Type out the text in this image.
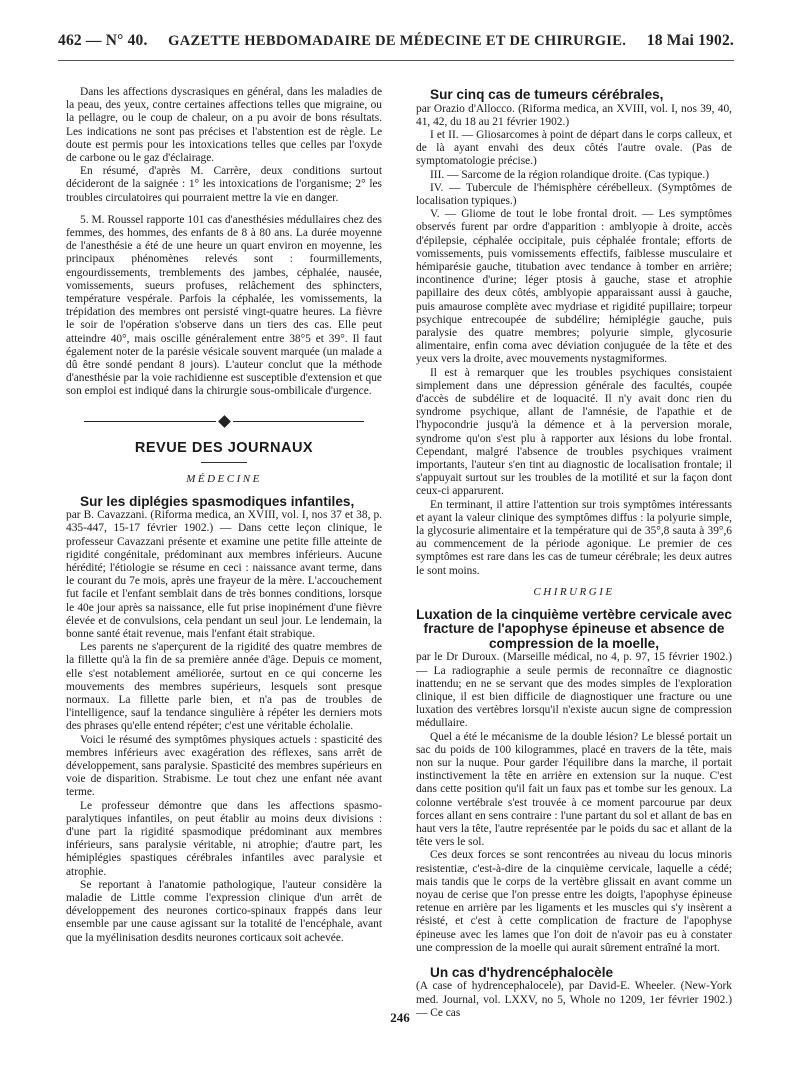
462 — N° 40. GAZETTE HEBDOMADAIRE DE MÉDECINE ET DE CHIRURGIE. 18 Mai 1902.

Dans les affections dyscrasiques en général, dans les maladies de la peau, des yeux, contre certaines affections telles que migraine, ou la pellagre, ou le coup de chaleur, on a pu avoir de bons résultats. Les indications ne sont pas précises et l'abstention est de règle. Le doute est permis pour les intoxications telles que celles par l'oxyde de carbone ou le gaz d'éclairage.

En résumé, d'après M. Carrère, deux conditions surtout décideront de la saignée : 1° les intoxications de l'organisme; 2° les troubles circulatoires qui pourraient mettre la vie en danger.

5. M. Roussel rapporte 101 cas d'anesthésies médullaires chez des femmes, des hommes, des enfants de 8 à 80 ans. La durée moyenne de l'anesthésie a été de une heure un quart environ en moyenne, les principaux phénomènes relevés sont : fourmillements, engourdissements, tremblements des jambes, céphalée, nausée, vomissements, sueurs profuses, relâchement des sphincters, température vespérale. Parfois la céphalée, les vomissements, la trépidation des membres ont persisté vingt-quatre heures. La fièvre le soir de l'opération s'observe dans un tiers des cas. Elle peut atteindre 40°, mais oscille généralement entre 38°5 et 39°. Il faut également noter de la parésie vésicale souvent marquée (un malade a dû être sondé pendant 8 jours). L'auteur conclut que la méthode d'anesthésie par la voie rachidienne est susceptible d'extension et que son emploi est indiqué dans la chirurgie sous-ombilicale d'urgence.

REVUE DES JOURNAUX
MÉDECINE
Sur les diplégies spasmodiques infantiles,

par B. Cavazzani. (Riforma medica, an XVIII, vol. I, nos 37 et 38, p. 435-447, 15-17 février 1902.) — Dans cette leçon clinique, le professeur Cavazzani présente et examine une petite fille atteinte de rigidité congénitale, prédominant aux membres inférieurs. Aucune hérédité; l'étiologie se résume en ceci : naissance avant terme, dans le courant du 7e mois, après une frayeur de la mère. L'accouchement fut facile et l'enfant semblait dans de très bonnes conditions, lorsque le 40e jour après sa naissance, elle fut prise inopinément d'une fièvre élevée et de convulsions, cela pendant un seul jour. Le lendemain, la bonne santé était revenue, mais l'enfant était strabique.

Les parents ne s'aperçurent de la rigidité des quatre membres de la fillette qu'à la fin de sa première année d'âge. Depuis ce moment, elle s'est notablement améliorée, surtout en ce qui concerne les mouvements des membres supérieurs, lesquels sont presque normaux. La fillette parle bien, et n'a pas de troubles de l'intelligence, sauf la tendance singulière à répéter les derniers mots des phrases qu'elle entend répéter; c'est une véritable écholalie.

Voici le résumé des symptômes physiques actuels : spasticité des membres inférieurs avec exagération des réflexes, sans arrêt de développement, sans paralysie. Spasticité des membres supérieurs en voie de disparition. Strabisme. Le tout chez une enfant née avant terme.

Le professeur démontre que dans les affections spasmo-paralytiques infantiles, on peut établir au moins deux divisions : d'une part la rigidité spasmodique prédominant aux membres inférieurs, sans paralysie véritable, ni atrophie; d'autre part, les hémiplégies spastiques cérébrales infantiles avec paralysie et atrophie.

Se reportant à l'anatomie pathologique, l'auteur considère la maladie de Little comme l'expression clinique d'un arrêt de développement des neurones cortico-spinaux frappés dans leur ensemble par une cause agissant sur la totalité de l'encéphale, avant que la myélinisation desdits neurones corticaux soit achevée.

Sur cinq cas de tumeurs cérébrales,

par Orazio d'Allocco. (Riforma medica, an XVIII, vol. I, nos 39, 40, 41, 42, du 18 au 21 février 1902.)

I et II. — Gliosarcomes à point de départ dans le corps calleux, et de là ayant envahi des deux côtés l'autre ovale. (Pas de symptomatologie précise.)

III. — Sarcome de la région rolandique droite. (Cas typique.)

IV. — Tubercule de l'hémisphère cérébelleux. (Symptômes de localisation typiques.)

V. — Gliome de tout le lobe frontal droit. — Les symptômes observés furent par ordre d'apparition : amblyopie à droite, accès d'épilepsie, céphalée occipitale, puis céphalée frontale; efforts de vomissements, puis vomissements effectifs, faiblesse musculaire et hémiparésie gauche, titubation avec tendance à tomber en arrière; incontinence d'urine; léger ptosis à gauche, stase et atrophie papillaire des deux côtés, amblyopie apparaissant aussi à gauche, puis amaurose complète avec mydriase et rigidité pupillaire; torpeur psychique entrecoupée de subdélire; hémiplégie gauche, puis paralysie des quatre membres; polyurie simple, glycosurie alimentaire, enfin coma avec déviation conjuguée de la tête et des yeux vers la droite, avec mouvements nystagmiformes.

Il est à remarquer que les troubles psychiques consistaient simplement dans une dépression générale des facultés, coupée d'accès de subdélire et de loquacité. Il n'y avait donc rien du syndrome psychique, allant de l'amnésie, de l'apathie et de l'hypocondrie jusqu'à la démence et à la perversion morale, syndrome qu'on s'est plu à rapporter aux lésions du lobe frontal. Cependant, malgré l'absence de troubles psychiques vraiment importants, l'auteur s'en tint au diagnostic de localisation frontale; il s'appuyait surtout sur les troubles de la motilité et sur la façon dont ceux-ci apparurent.

En terminant, il attire l'attention sur trois symptômes intéressants et ayant la valeur clinique des symptômes diffus : la polyurie simple, la glycosurie alimentaire et la température qui de 35°,8 sauta à 39°,6 au commencement de la période agonique. Le premier de ces symptômes est rare dans les cas de tumeur cérébrale; les deux autres le sont moins.

CHIRURGIE
Luxation de la cinquième vertèbre cervicale avec fracture de l'apophyse épineuse et absence de compression de la moelle,

par le Dr Duroux. (Marseille médical, no 4, p. 97, 15 février 1902.) — La radiographie a seule permis de reconnaître ce diagnostic inattendu; en ne se servant que des modes simples de l'exploration clinique, il est bien difficile de diagnostiquer une fracture ou une luxation des vertèbres lorsqu'il n'existe aucun signe de compression médullaire.

Quel a été le mécanisme de la double lésion? Le blessé portait un sac du poids de 100 kilogrammes, placé en travers de la tête, mais non sur la nuque. Pour garder l'équilibre dans la marche, il portait instinctivement la tête en arrière en extension sur la nuque. C'est dans cette position qu'il fait un faux pas et tombe sur les genoux. La colonne vertébrale s'est trouvée à ce moment parcourue par deux forces allant en sens contraire : l'une partant du sol et allant de bas en haut vers la tête, l'autre représentée par le poids du sac et allant de la tête vers le sol.

Ces deux forces se sont rencontrées au niveau du locus minoris resistentiæ, c'est-à-dire de la cinquième cervicale, laquelle a cédé; mais tandis que le corps de la vertèbre glissait en avant comme un noyau de cerise que l'on presse entre les doigts, l'apophyse épineuse retenue en arrière par les ligaments et les muscles qui s'y insèrent a résisté, et c'est à cette complication de fracture de l'apophyse épineuse avec les lames que l'on doit de n'avoir pas eu à constater une compression de la moelle qui aurait sûrement entraîné la mort.

Un cas d'hydrencéphalocèle

(A case of hydrencephalocele), par David-E. Wheeler. (New-York med. Journal, vol. LXXV, no 5, Whole no 1209, 1er février 1902.) — Ce cas

246
